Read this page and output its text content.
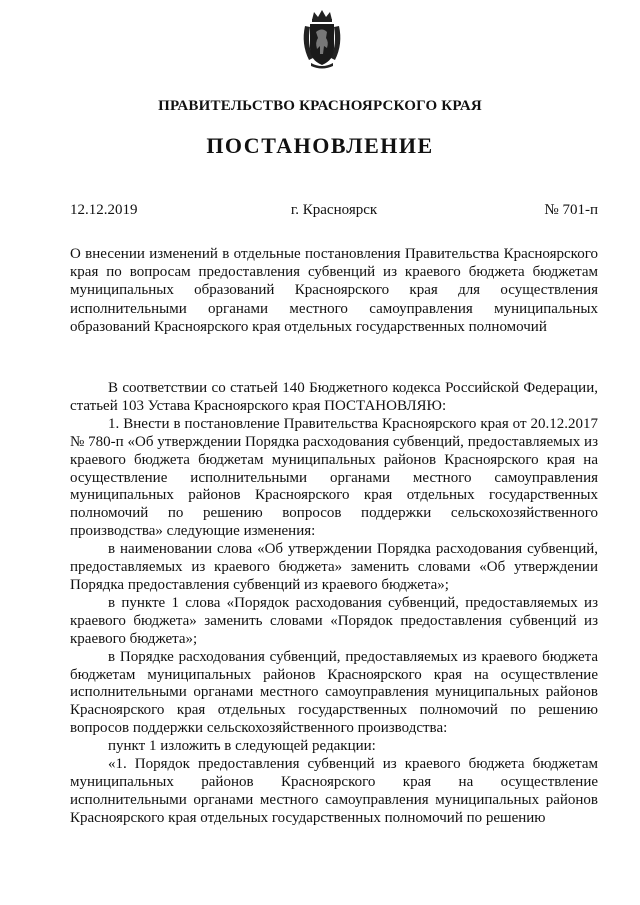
ПРАВИТЕЛЬСТВО КРАСНОЯРСКОГО КРАЯ
ПОСТАНОВЛЕНИЕ
12.12.2019	г. Красноярск	№ 701-п

О внесении изменений в отдельные постановления Правительства Красноярского края по вопросам предоставления субвенций из краевого бюджета бюджетам муниципальных образований Красноярского края для осуществления исполнительными органами местного самоуправления муниципальных образований Красноярского края отдельных государственных полномочий

В соответствии со статьей 140 Бюджетного кодекса Российской Федерации, статьей 103 Устава Красноярского края ПОСТАНОВЛЯЮ:

1. Внести в постановление Правительства Красноярского края от 20.12.2017 № 780-п «Об утверждении Порядка расходования субвенций, предоставляемых из краевого бюджета бюджетам муниципальных районов Красноярского края на осуществление исполнительными органами местного самоуправления муниципальных районов Красноярского края отдельных государственных полномочий по решению вопросов поддержки сельскохозяйственного производства» следующие изменения:

в наименовании слова «Об утверждении Порядка расходования субвенций, предоставляемых из краевого бюджета» заменить словами «Об утверждении Порядка предоставления субвенций из краевого бюджета»;

в пункте 1 слова «Порядок расходования субвенций, предоставляемых из краевого бюджета» заменить словами «Порядок предоставления субвенций из краевого бюджета»;

в Порядке расходования субвенций, предоставляемых из краевого бюджета бюджетам муниципальных районов Красноярского края на осуществление исполнительными органами местного самоуправления муниципальных районов Красноярского края отдельных государственных полномочий по решению вопросов поддержки сельскохозяйственного производства:

пункт 1 изложить в следующей редакции:

«1. Порядок предоставления субвенций из краевого бюджета бюджетам муниципальных районов Красноярского края на осуществление исполнительными органами местного самоуправления муниципальных районов Красноярского края отдельных государственных полномочий по решению
